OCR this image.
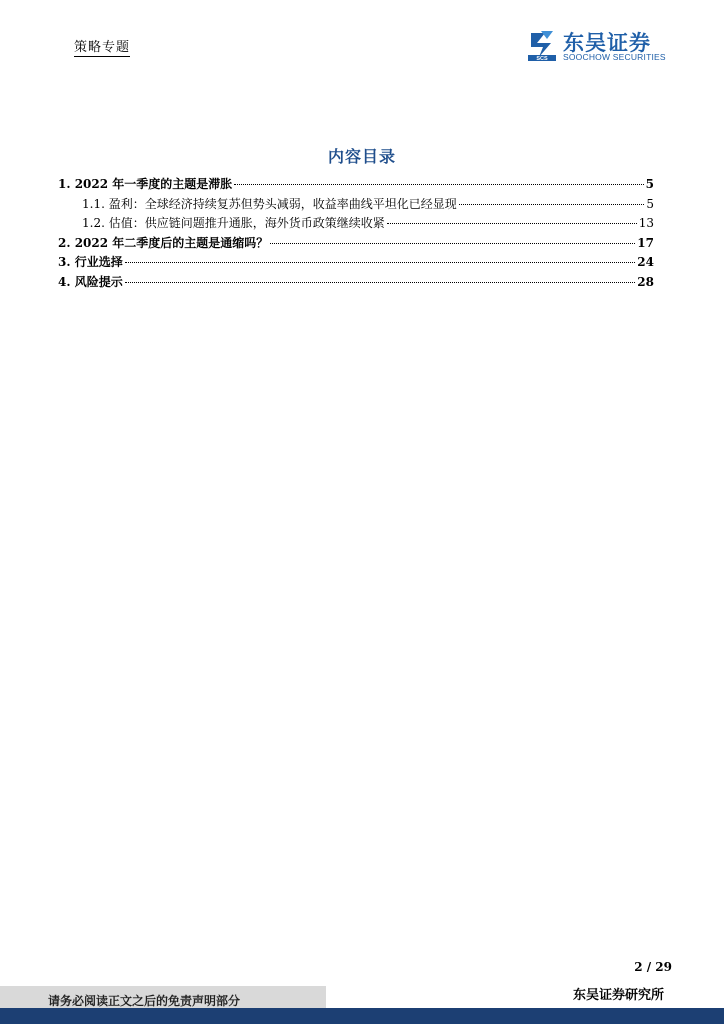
策略专题
SCS
东吴证券
SOOCHOW SECURITIES
内容目录
1. 2022 年一季度的主题是滞胀	5
1.1. 盈利：全球经济持续复苏但势头减弱，收益率曲线平坦化已经显现	5
1.2. 估值：供应链问题推升通胀，海外货币政策继续收紧	13
2. 2022 年二季度后的主题是通缩吗？	17
3. 行业选择	24
4. 风险提示	28
2 / 29
请务必阅读正文之后的免责声明部分	东吴证券研究所
